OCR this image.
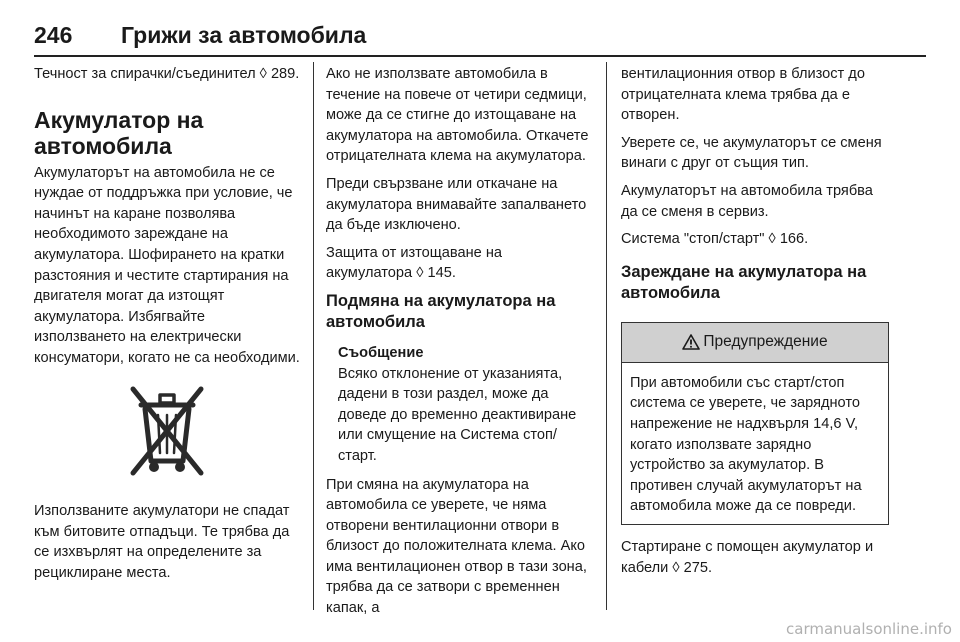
246 Грижи за автомобила

Течност за спирачки/съединител ◊ 289.

Акумулатор на автомобила

Акумулаторът на автомобила не се нуждае от поддръжка при условие, че начинът на каране позволява необходимото зареждане на акумулатора. Шофирането на кратки разстояния и честите стартирания на двигателя могат да изтощят акумулатора. Избягвайте използването на електрически консуматори, когато не са необходими.

Използваните акумулатори не спадат към битовите отпадъци. Те трябва да се изхвърлят на определените за рециклиране места.

Ако не използвате автомобила в течение на повече от четири седмици, може да се стигне до изтощаване на акумулатора на автомобила. Откачете отрицателната клема на акумулатора.

Преди свързване или откачане на акумулатора внимавайте запалването да бъде изключено.

Защита от изтощаване на акумулатора ◊ 145.

Подмяна на акумулатора на автомобила
Съобщение

Всяко отклонение от указанията, дадени в този раздел, може да доведе до временно деактивиране или смущение на Система стоп/старт.

При смяна на акумулатора на автомобила се уверете, че няма отворени вентилационни отвори в близост до положителната клема. Ако има вентилационен отвор в тази зона, трябва да се затвори с временнен капак, а

вентилационния отвор в близост до отрицателната клема трябва да е отворен.

Уверете се, че акумулаторът се сменя винаги с друг от същия тип.

Акумулаторът на автомобила трябва да се сменя в сервиз.

Система "стоп/старт" ◊ 166.

Зареждане на акумулатора на автомобила
Предупреждение

При автомобили със старт/стоп система се уверете, че зарядното напрежение не надхвърля 14,6 V, когато използвате зарядно устройство за акумулатор. В противен случай акумулаторът на автомобила може да се повреди.

Стартиране с помощен акумулатор и кабели ◊ 275.

carmanualsonline.info
